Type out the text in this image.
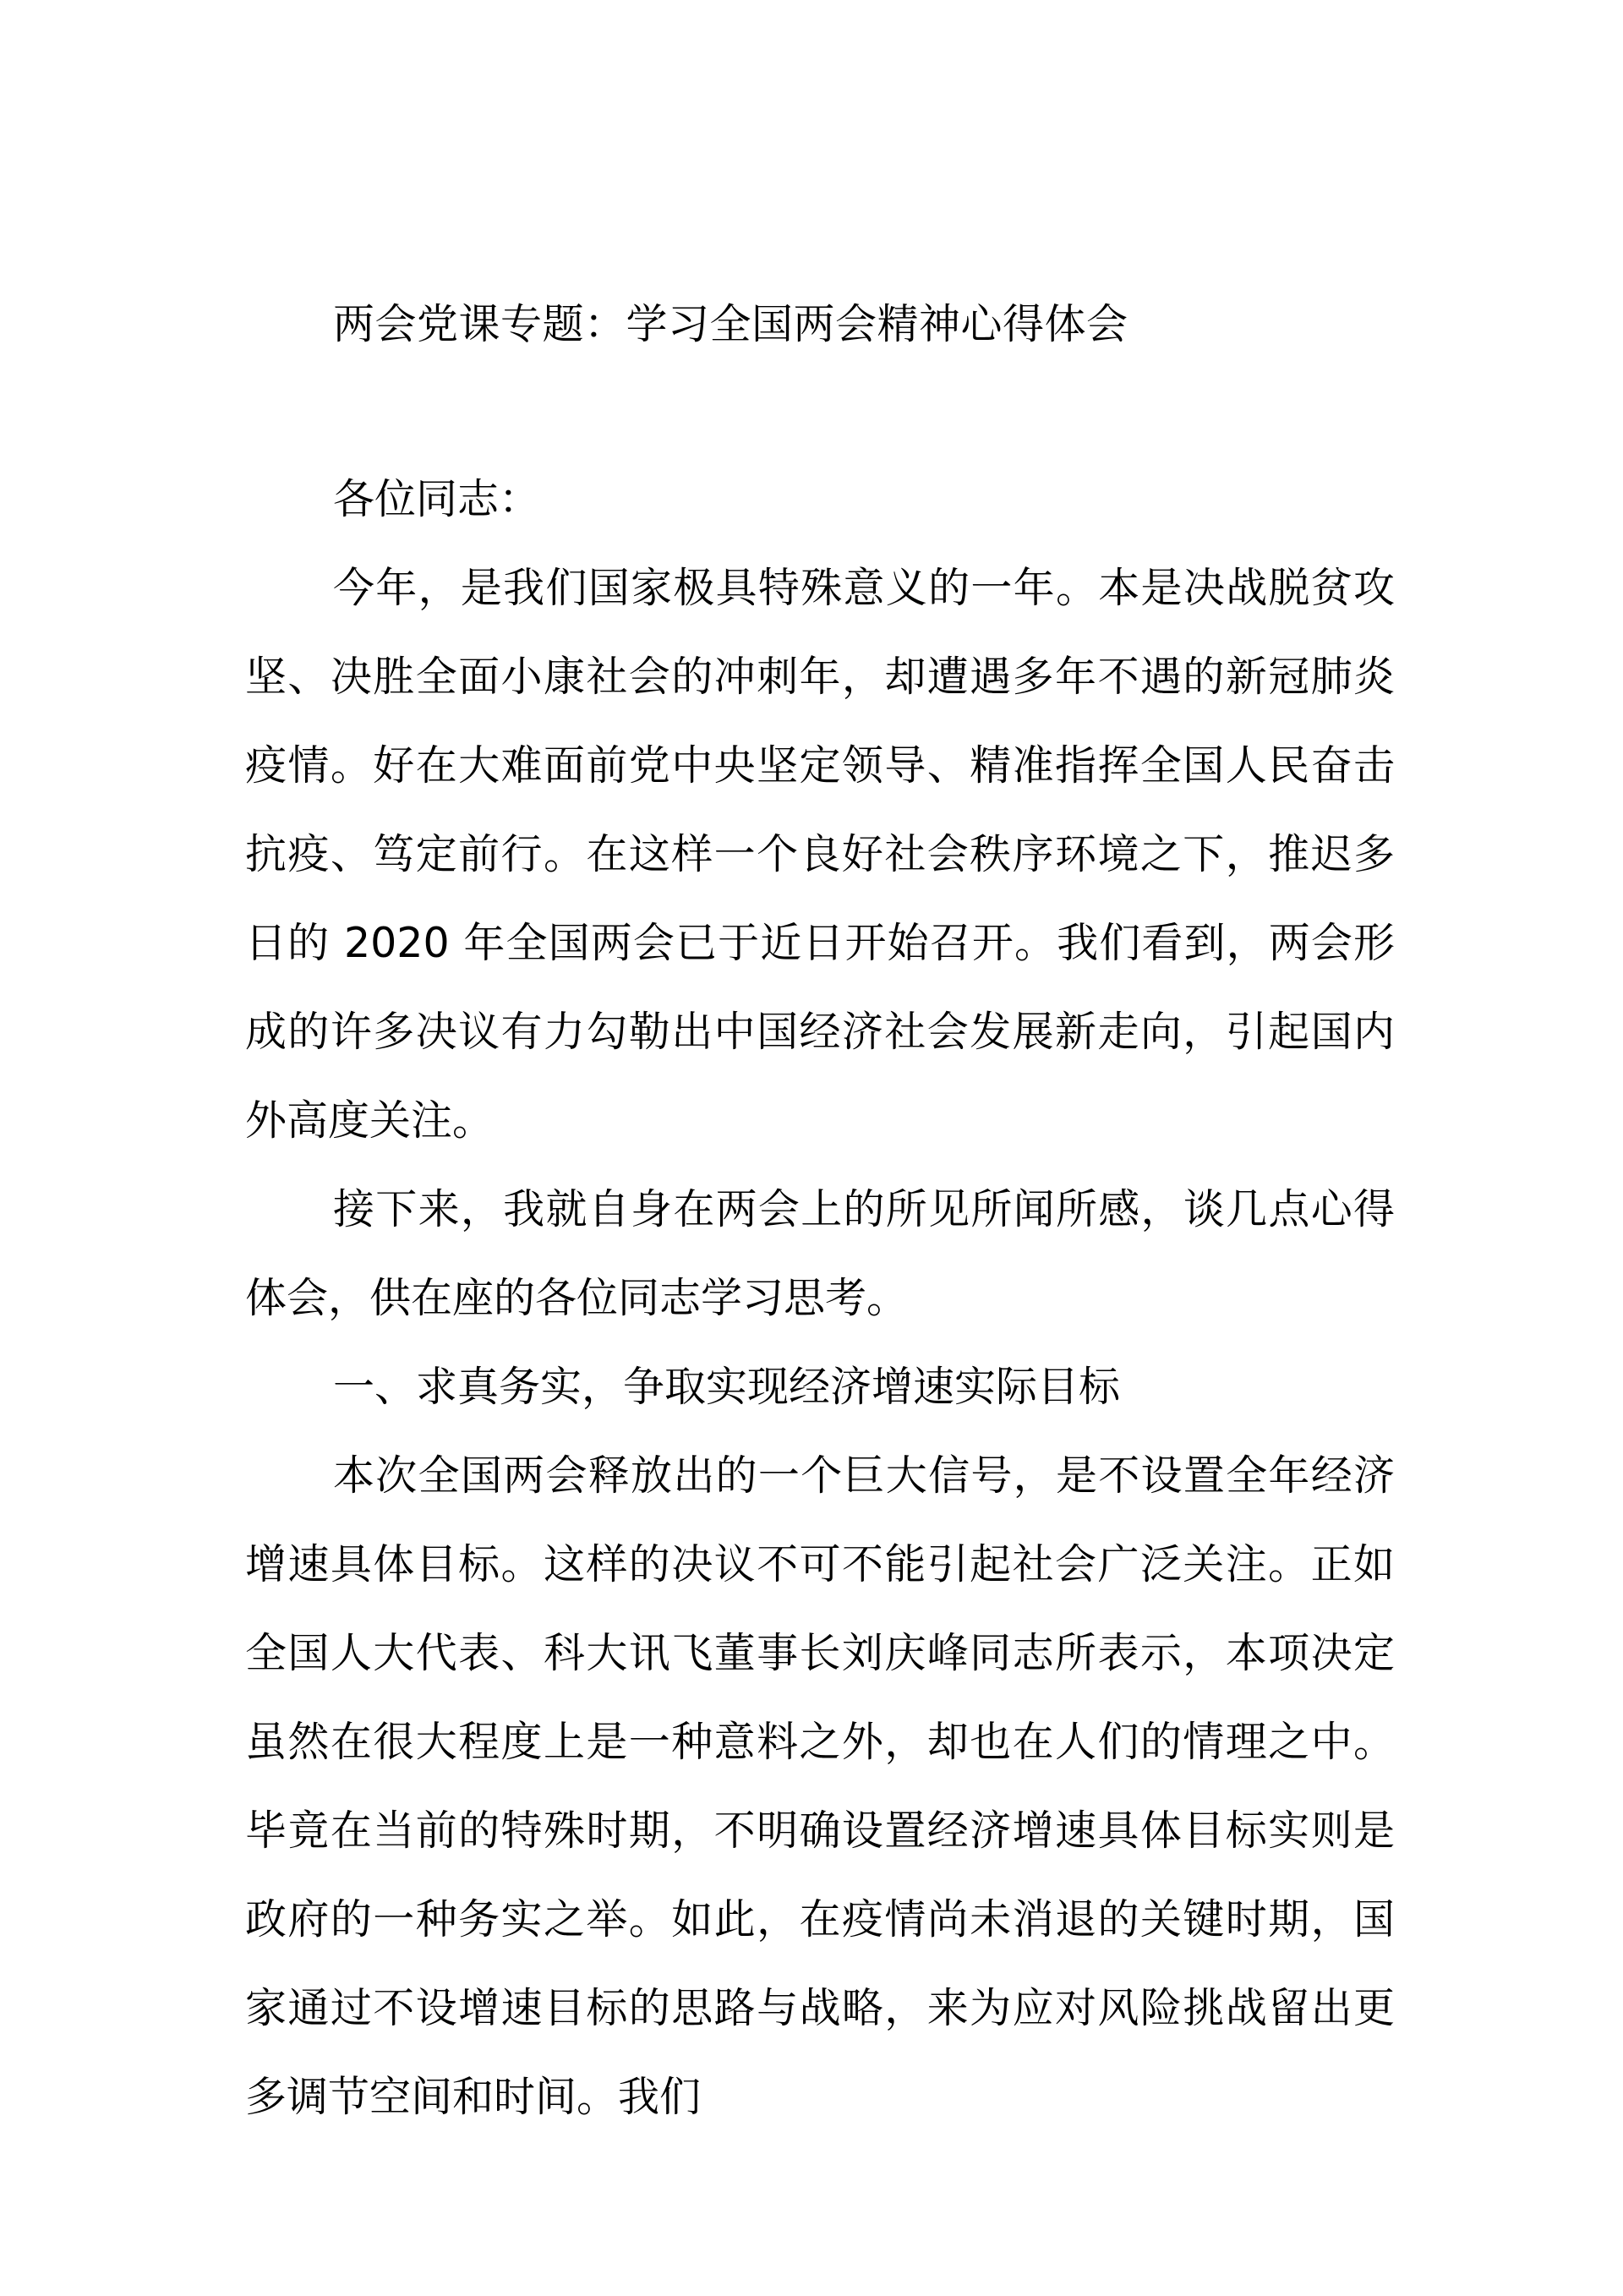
两会党课专题：学习全国两会精神心得体会

各位同志：

今年，是我们国家极具特殊意义的一年。本是决战脱贫攻坚、决胜全面小康社会的冲刺年，却遭遇多年不遇的新冠肺炎疫情。好在大难面前党中央坚定领导、精准指挥全国人民奋击抗疫、笃定前行。在这样一个良好社会秩序环境之下，推迟多日的 2020 年全国两会已于近日开始召开。我们看到，两会形成的许多决议有力勾勒出中国经济社会发展新走向，引起国内外高度关注。

接下来，我就自身在两会上的所见所闻所感，谈几点心得体会，供在座的各位同志学习思考。

一、求真务实，争取实现经济增速实际目标

本次全国两会释放出的一个巨大信号，是不设置全年经济增速具体目标。这样的决议不可不能引起社会广泛关注。正如全国人大代表、科大讯飞董事长刘庆峰同志所表示，本项决定虽然在很大程度上是一种意料之外，却也在人们的情理之中。毕竟在当前的特殊时期，不明确设置经济增速具体目标实则是政府的一种务实之举。如此，在疫情尚未消退的关键时期，国家通过不设增速目标的思路与战略，来为应对风险挑战留出更多调节空间和时间。我们
